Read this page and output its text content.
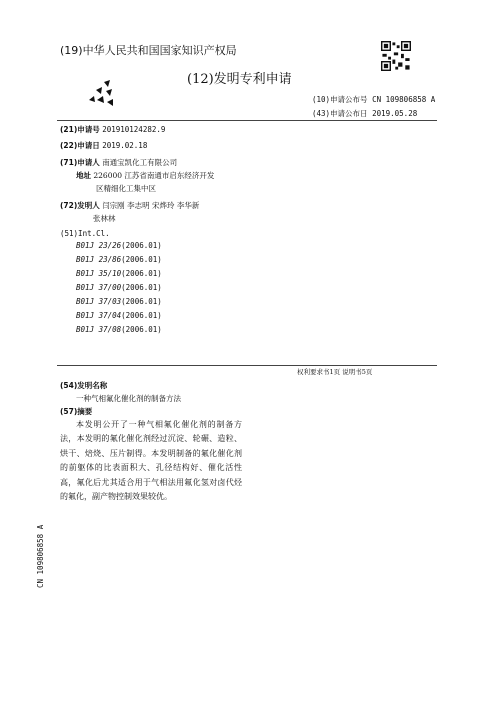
(19)中华人民共和国国家知识产权局
(12)发明专利申请
(10)申请公布号 CN 109806858 A
(43)申请公布日 2019.05.28
(21)申请号 201910124282.9
(22)申请日 2019.02.18
(71)申请人 南通宝凯化工有限公司
地址 226000 江苏省南通市启东经济开发
区精细化工集中区
(72)发明人 闫宗刚 李志明 宋烨玲 李华新
张林林
(51)Int.Cl.
B01J 23/26(2006.01)
B01J 23/86(2006.01)
B01J 35/10(2006.01)
B01J 37/00(2006.01)
B01J 37/03(2006.01)
B01J 37/04(2006.01)
B01J 37/08(2006.01)
权利要求书1页 说明书5页
(54)发明名称
一种气相氟化催化剂的制备方法
(57)摘要

本发明公开了一种气相氟化催化剂的制备方法，本发明的氟化催化剂经过沉淀、轮碾、造粒、烘干、焙烧、压片制得。本发明制备的氟化催化剂的前躯体的比表面积大、孔径结构好、催化活性高，氟化后尤其适合用于气相法用氟化氢对卤代烃的氟化，副产物控制效果较优。

CN 109806858 A
